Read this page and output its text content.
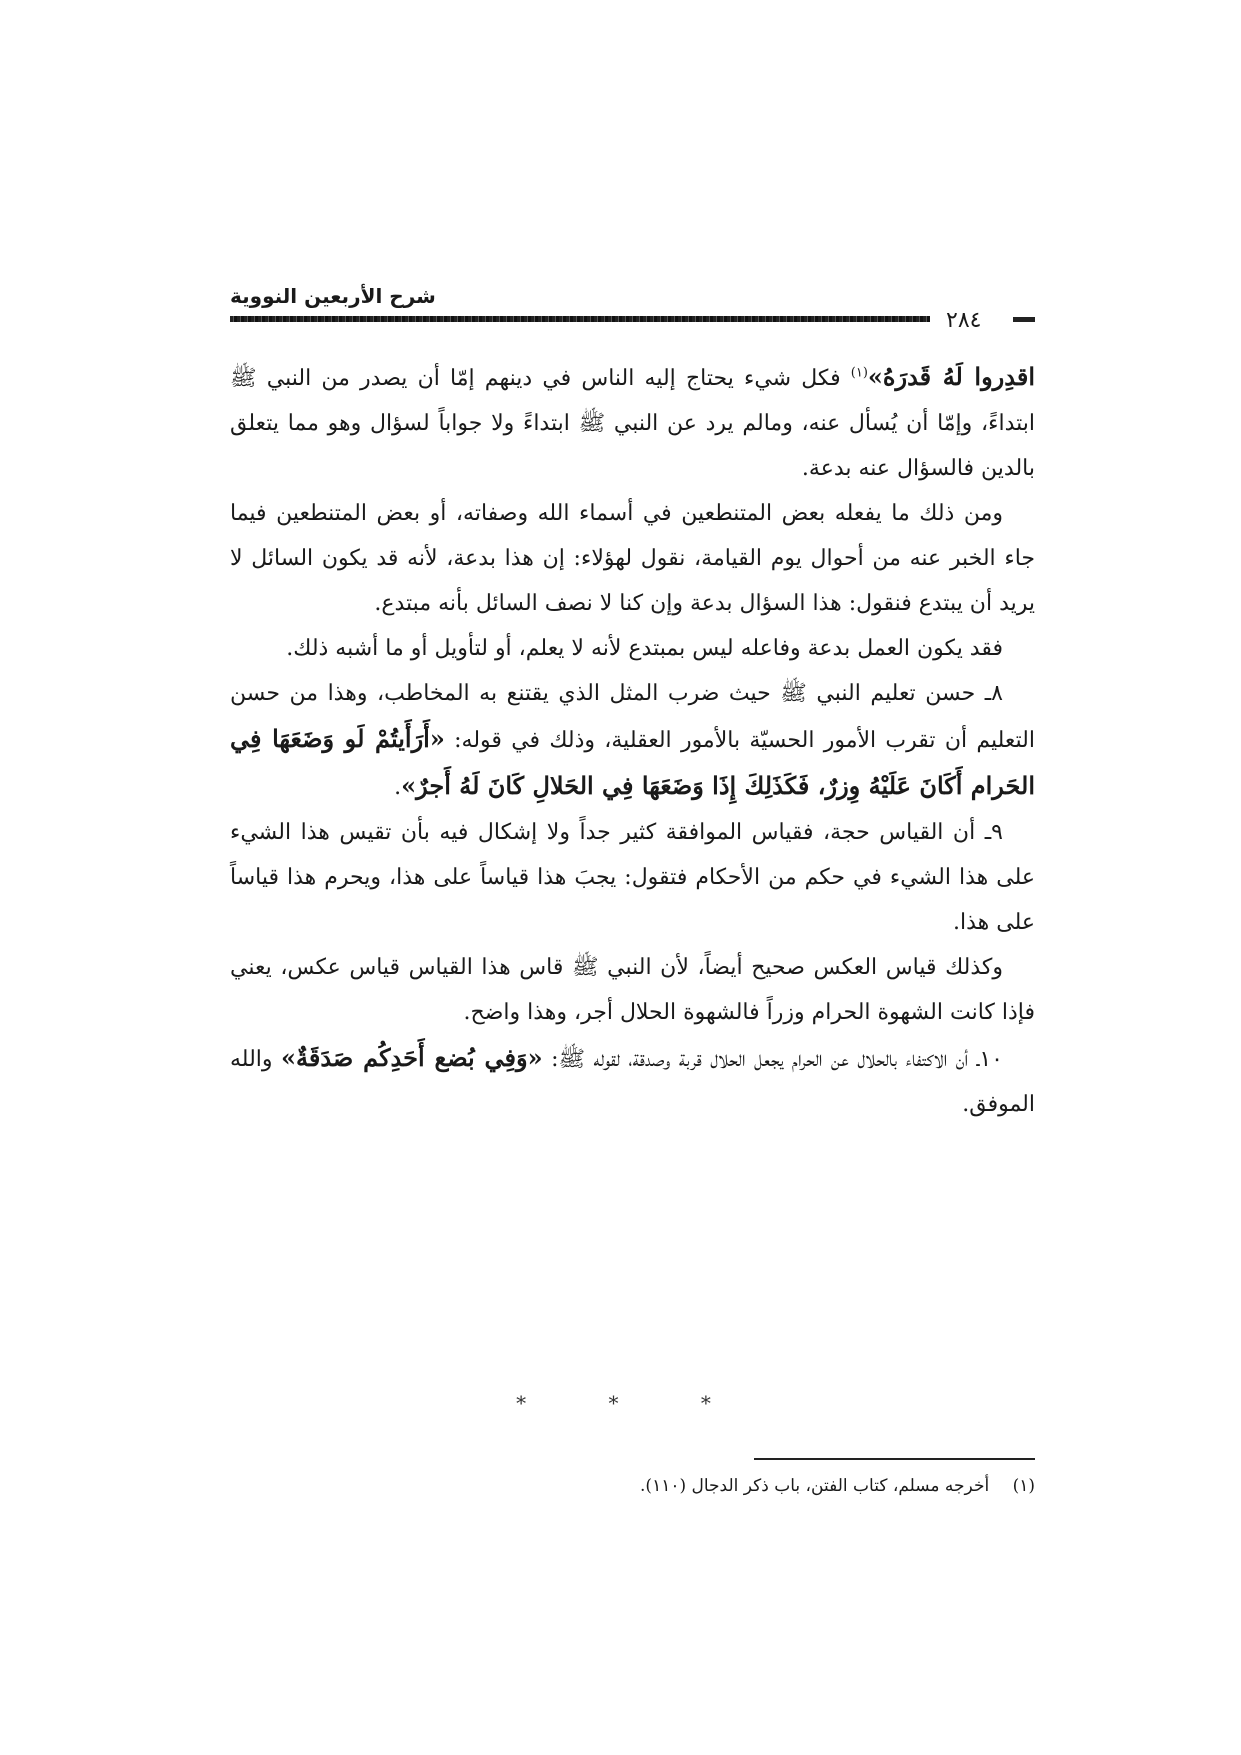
شرح الأربعين النووية
٢٨٤

اقدِروا لَهُ قَدرَهُ»$^{(١)}$ فكل شيء يحتاج إليه الناس في دينهم إمّا أن يصدر من النبي ﷺ ابتداءً، وإمّا أن يُسأل عنه، ومالم يرد عن النبي ﷺ ابتداءً ولا جواباً لسؤال وهو مما يتعلق بالدين فالسؤال عنه بدعة.

ومن ذلك ما يفعله بعض المتنطعين في أسماء الله وصفاته، أو بعض المتنطعين فيما جاء الخبر عنه من أحوال يوم القيامة، نقول لهؤلاء: إن هذا بدعة، لأنه قد يكون السائل لا يريد أن يبتدع فنقول: هذا السؤال بدعة وإن كنا لا نصف السائل بأنه مبتدع.

فقد يكون العمل بدعة وفاعله ليس بمبتدع لأنه لا يعلم، أو لتأويل أو ما أشبه ذلك.

٨ـ حسن تعليم النبي ﷺ حيث ضرب المثل الذي يقتنع به المخاطب، وهذا من حسن التعليم أن تقرب الأمور الحسيّة بالأمور العقلية، وذلك في قوله: «أَرَأَيتُمْ لَو وَضَعَهَا فِي الحَرام أَكَانَ عَلَيْهُ وِزرٌ، فَكَذَلِكَ إِذَا وَضَعَهَا فِي الحَلالِ كَانَ لَهُ أَجرٌ».

٩ـ أن القياس حجة، فقياس الموافقة كثير جداً ولا إشكال فيه بأن تقيس هذا الشيء على هذا الشيء في حكم من الأحكام فتقول: يجبَ هذا قياساً على هذا، ويحرم هذا قياساً على هذا.

وكذلك قياس العكس صحيح أيضاً، لأن النبي ﷺ قاس هذا القياس قياس عكس، يعني فإذا كانت الشهوة الحرام وزراً فالشهوة الحلال أجر، وهذا واضح.

١٠ـ أن الاكتفاء بالحلال عن الحرام يجعل الحلال قربة وصدقة، لقوله ﷺ: «وَفِي بُضع أَحَدِكُم صَدَقَةٌ» والله الموفق.

* * *
(١) أخرجه مسلم، كتاب الفتن، باب ذكر الدجال (١١٠).
